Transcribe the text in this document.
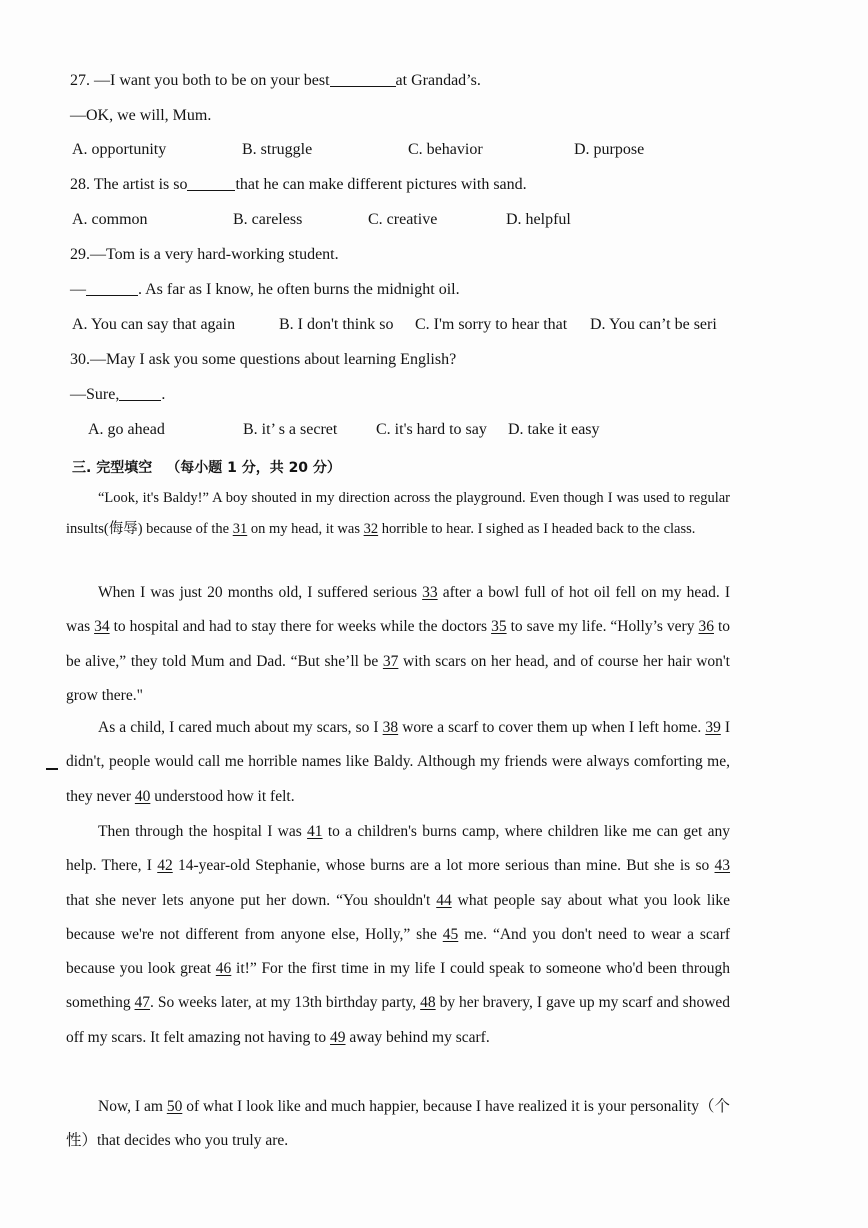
27. —I want you both to be on your best	at Grandad’s.
—OK, we will, Mum.
A. opportunity	B. struggle	C. behavior	D. purpose
28. The artist is so	that he can make different pictures with sand.
A. common	B. careless	C. creative	D. helpful
29.—Tom is a very hard-working student.
—	. As far as I know, he often burns the midnight oil.
A. You can say that again	B. I don't think so C. I'm sorry to hear that D. You can’t be seri
30.—May I ask you some questions about learning English?
—Sure,	.
A. go ahead	B. it’ s a secret C. it's hard to say D. take it easy
三. 完型填空 （每小题 1 分，共 20 分）

“Look, it's Baldy!” A boy shouted in my direction across the playground. Even though I was used to regular insults(侮辱) because of the 31 on my head, it was 32 horrible to hear. I sighed as I headed back to the class.

When I was just 20 months old, I suffered serious 33 after a bowl full of hot oil fell on my head. I was 34 to hospital and had to stay there for weeks while the doctors 35 to save my life. “Holly’s very 36 to be alive,” they told Mum and Dad. “But she’ll be 37 with scars on her head, and of course her hair won't grow there."

As a child, I cared much about my scars, so I 38 wore a scarf to cover them up when I left home. 39 I didn't, people would call me horrible names like Baldy. Although my friends were always comforting me, they never 40 understood how it felt.

Then through the hospital I was 41 to a children's burns camp, where children like me can get any help. There, I 42 14-year-old Stephanie, whose burns are a lot more serious than mine. But she is so 43 that she never lets anyone put her down. “You shouldn't 44 what people say about what you look like because we're not different from anyone else, Holly,” she 45 me. “And you don't need to wear a scarf because you look great 46 it!” For the first time in my life I could speak to someone who'd been through something 47. So weeks later, at my 13th birthday party, 48 by her bravery, I gave up my scarf and showed off my scars. It felt amazing not having to 49 away behind my scarf.

Now, I am 50 of what I look like and much happier, because I have realized it is your personality（个性）that decides who you truly are.
